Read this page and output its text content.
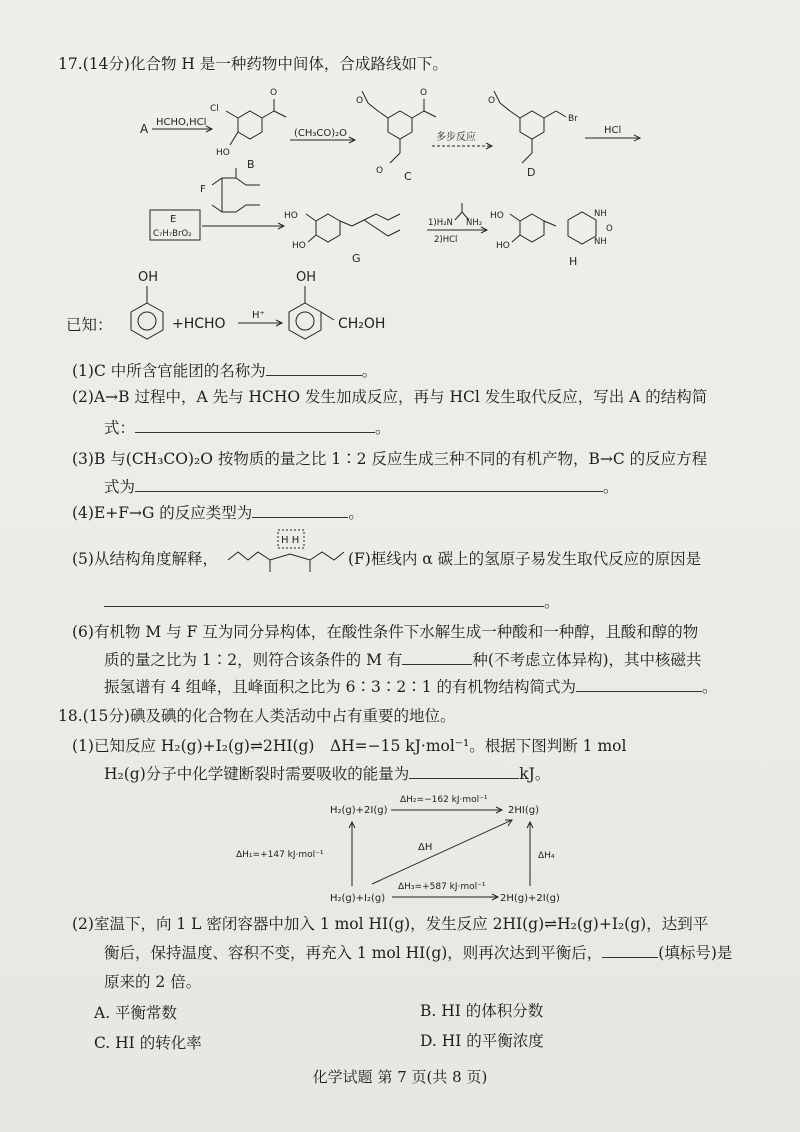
17.(14分)化合物 H 是一种药物中间体，合成路线如下。
A HCHO,HCl
Cl
HO
O
B
(CH₃CO)₂O
O
O
O
C
多步反应
O
Br
D
HCl
F
E
C₇H₇BrO₂
HO
HO
G
1)H₂N NH₂
2)HCl
HO
HO
NH
NH
O
H
已知：
OH
+HCHO
H⁺
OH
CH₂OH
(1)C 中所含官能团的名称为	。
(2)A→B 过程中，A 先与 HCHO 发生加成反应，再与 HCl 发生取代反应，写出 A 的结构简
式：	。
(3)B 与(CH₃CO)₂O 按物质的量之比 1∶2 反应生成三种不同的有机产物，B→C 的反应方程
式为	。
(4)E+F→G 的反应类型为	。
(5)从结构角度解释，
H H
(F)框线内 α 碳上的氢原子易发生取代反应的原因是
。
(6)有机物 M 与 F 互为同分异构体，在酸性条件下水解生成一种酸和一种醇，且酸和醇的物
质的量之比为 1∶2，则符合该条件的 M 有	种(不考虑立体异构)，其中核磁共
振氢谱有 4 组峰，且峰面积之比为 6∶3∶2∶1 的有机物结构简式为	。
18.(15分)碘及碘的化合物在人类活动中占有重要的地位。
(1)已知反应 H₂(g)+I₂(g)⇌2HI(g)　ΔH=−15 kJ·mol⁻¹。根据下图判断 1 mol
H₂(g)分子中化学键断裂时需要吸收的能量为	kJ。
H₂(g)+2I(g)	2HI(g)
H₂(g)+I₂(g)	2H(g)+2I(g)
ΔH₂=−162 kJ·mol⁻¹
ΔH₁=+147 kJ·mol⁻¹
ΔH
ΔH₃=+587 kJ·mol⁻¹
ΔH₄
(2)室温下，向 1 L 密闭容器中加入 1 mol HI(g)，发生反应 2HI(g)⇌H₂(g)+I₂(g)，达到平
衡后，保持温度、容积不变，再充入 1 mol HI(g)，则再次达到平衡后，	(填标号)是
原来的 2 倍。
A. 平衡常数	B. HI 的体积分数
C. HI 的转化率	D. HI 的平衡浓度
化学试题 第 7 页(共 8 页)
